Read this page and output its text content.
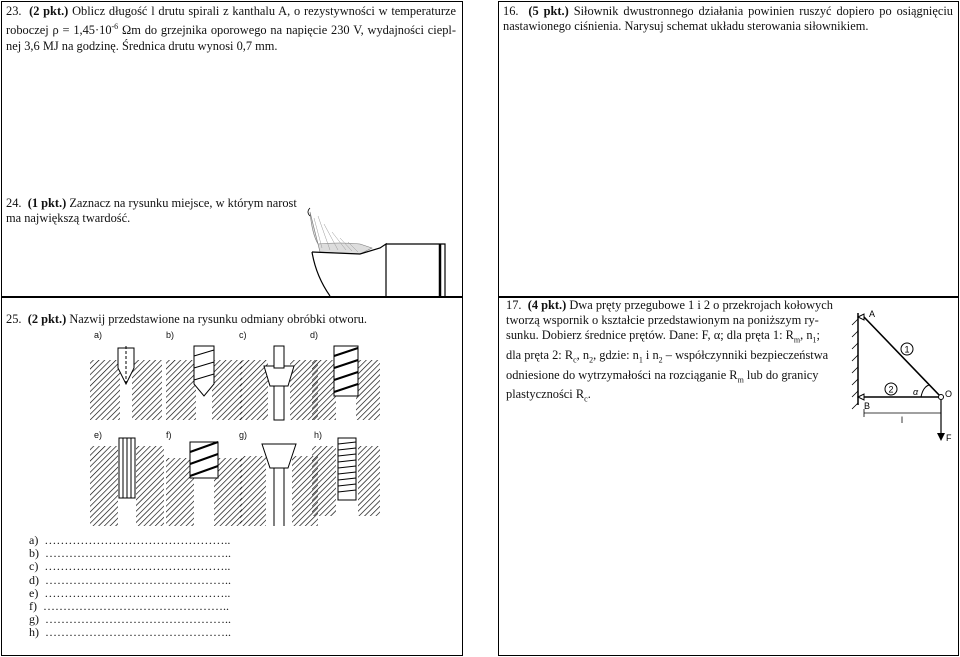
23. (2 pkt.) Oblicz długość l drutu spirali z kanthalu A, o rezystywności w temperaturze
roboczej $\rho = 1,45\cdot 10^{-6}$ Ωm do grzejnika oporowego na napięcie 230 V, wydajności ciepl-
nej 3,6 MJ na godzinę. Średnica drutu wynosi 0,7 mm.
16. (5 pkt.) Siłownik dwustronnego działania powinien ruszyć dopiero po osiągnięciu
nastawionego ciśnienia. Narysuj schemat układu sterowania siłownikiem.
24. (1 pkt.) Zaznacz na rysunku miejsce, w którym narost
ma największą twardość.
25. (2 pkt.) Nazwij przedstawione na rysunku odmiany obróbki otworu.
a)	b)	c)	d)
e)	f)	g)	h)
a) ………………………………………..
b) ………………………………………..
c) ………………………………………..
d) ………………………………………..
e) ………………………………………..
f) ………………………………………..
g) ………………………………………..
h) ………………………………………..
17. (4 pkt.) Dwa pręty przegubowe 1 i 2 o przekrojach kołowych
tworzą wspornik o kształcie przedstawionym na poniższym ry-
sunku. Dobierz średnice prętów. Dane: F, α; dla pręta 1: $R_m$, $n_1$;
dla pręta 2: $R_c$, $n_2$, gdzie: $n_1$ i $n_2$ – współczynniki bezpieczeństwa
odniesione do wytrzymałości na rozciąganie $R_m$ lub do granicy
plastyczności $R_c$.
1
2
A
B
O
α
l
F
